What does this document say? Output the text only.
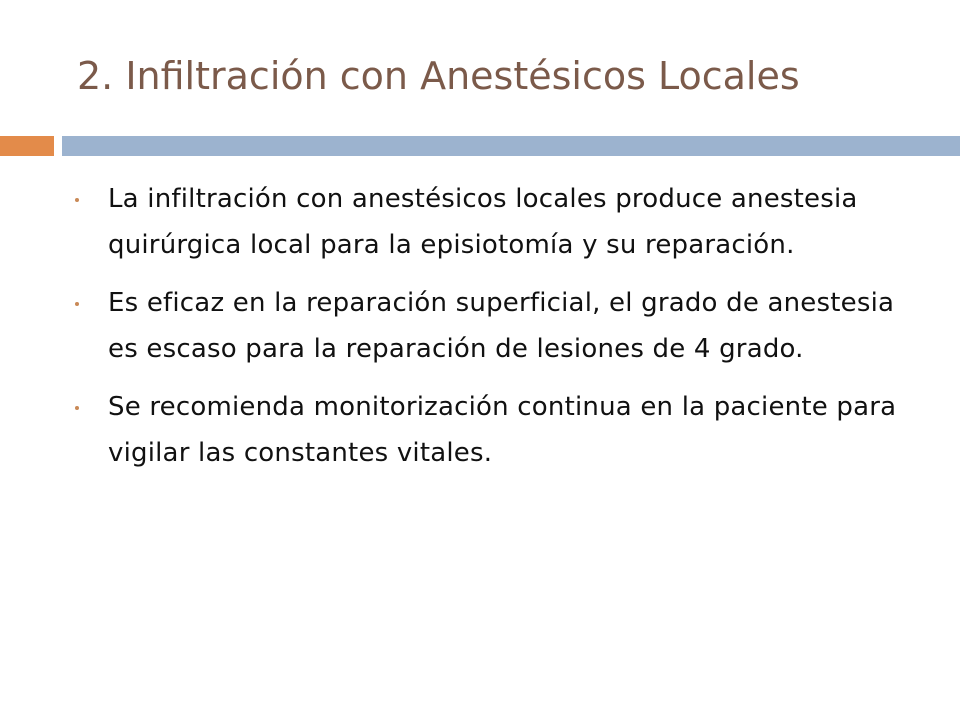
2. Infiltración con Anestésicos Locales
La infiltración con anestésicos locales produce anestesia quirúrgica local para la episiotomía y su reparación.
Es eficaz en la reparación superficial, el grado de anestesia es escaso para la reparación de lesiones de 4 grado.
Se recomienda monitorización continua en la paciente para vigilar las constantes vitales.
